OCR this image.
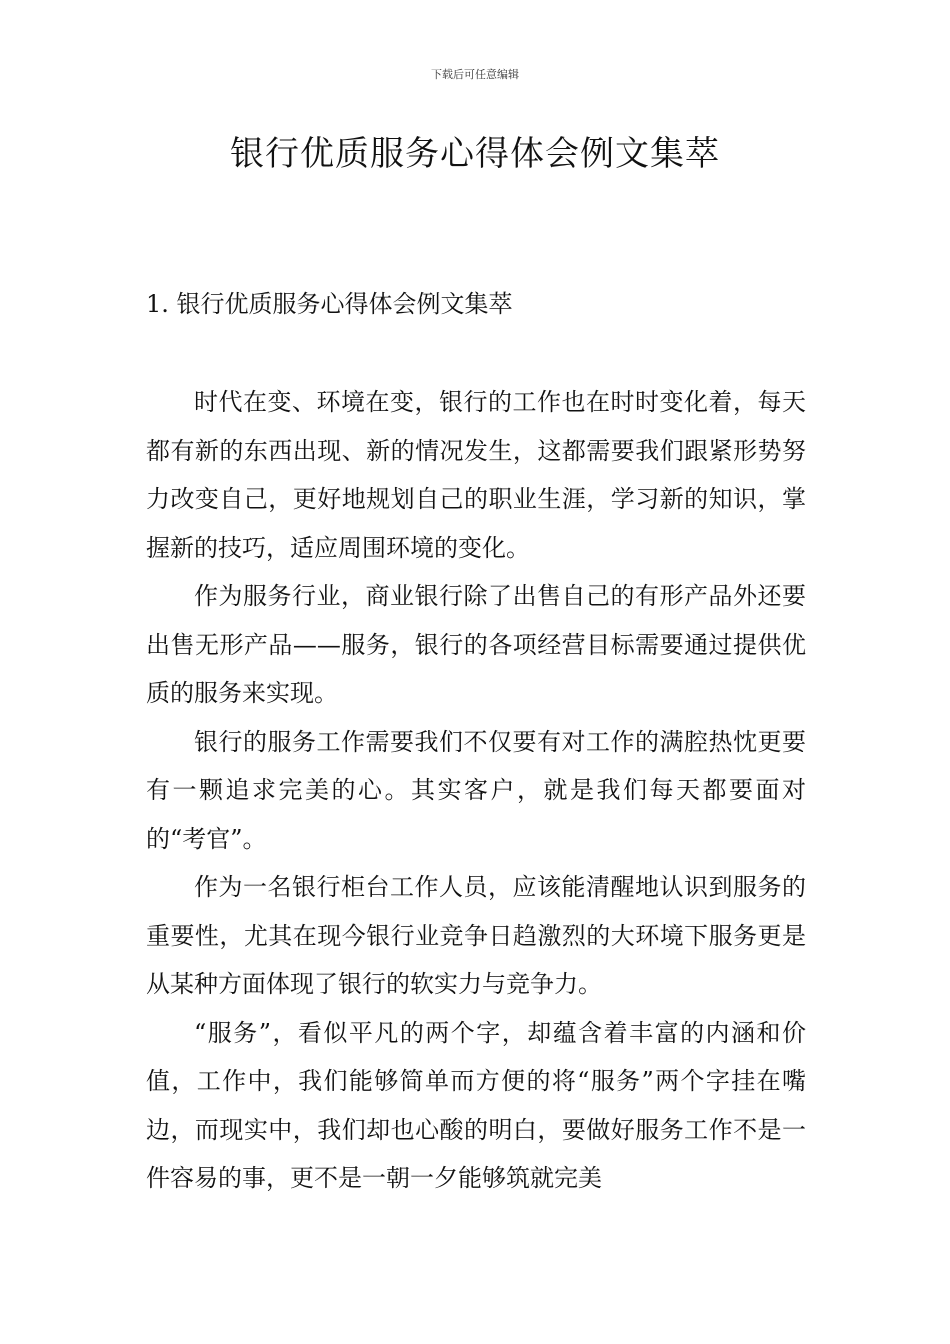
下载后可任意编辑
银行优质服务心得体会例文集萃
1. 银行优质服务心得体会例文集萃

时代在变、环境在变，银行的工作也在时时变化着，每天都有新的东西出现、新的情况发生，这都需要我们跟紧形势努力改变自己，更好地规划自己的职业生涯，学习新的知识，掌握新的技巧，适应周围环境的变化。

作为服务行业，商业银行除了出售自己的有形产品外还要出售无形产品——服务，银行的各项经营目标需要通过提供优质的服务来实现。

银行的服务工作需要我们不仅要有对工作的满腔热忱更要有一颗追求完美的心。其实客户，就是我们每天都要面对的“考官”。

作为一名银行柜台工作人员，应该能清醒地认识到服务的重要性，尤其在现今银行业竞争日趋激烈的大环境下服务更是从某种方面体现了银行的软实力与竞争力。

“服务”，看似平凡的两个字，却蕴含着丰富的内涵和价值，工作中，我们能够简单而方便的将“服务”两个字挂在嘴边，而现实中，我们却也心酸的明白，要做好服务工作不是一件容易的事，更不是一朝一夕能够筑就完美
